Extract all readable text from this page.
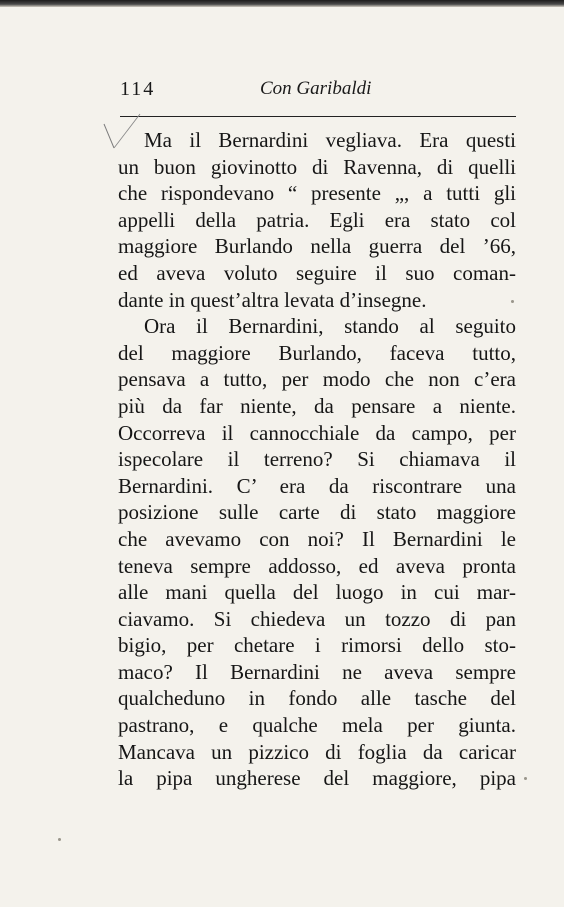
114	Con Garibaldi
Ma il Bernardini vegliava. Era questi
un buon giovinotto di Ravenna, di quelli
che rispondevano “ presente „, a tutti gli
appelli della patria. Egli era stato col
maggiore Burlando nella guerra del ’66,
ed aveva voluto seguire il suo coman-
dante in quest’altra levata d’insegne.
Ora il Bernardini, stando al seguito
del maggiore Burlando, faceva tutto,
pensava a tutto, per modo che non c’era
più da far niente, da pensare a niente.
Occorreva il cannocchiale da campo, per
ispecolare il terreno? Si chiamava il
Bernardini. C’ era da riscontrare una
posizione sulle carte di stato maggiore
che avevamo con noi? Il Bernardini le
teneva sempre addosso, ed aveva pronta
alle mani quella del luogo in cui mar-
ciavamo. Si chiedeva un tozzo di pan
bigio, per chetare i rimorsi dello sto-
maco? Il Bernardini ne aveva sempre
qualcheduno in fondo alle tasche del
pastrano, e qualche mela per giunta.
Mancava un pizzico di foglia da caricar
la pipa ungherese del maggiore, pipa
